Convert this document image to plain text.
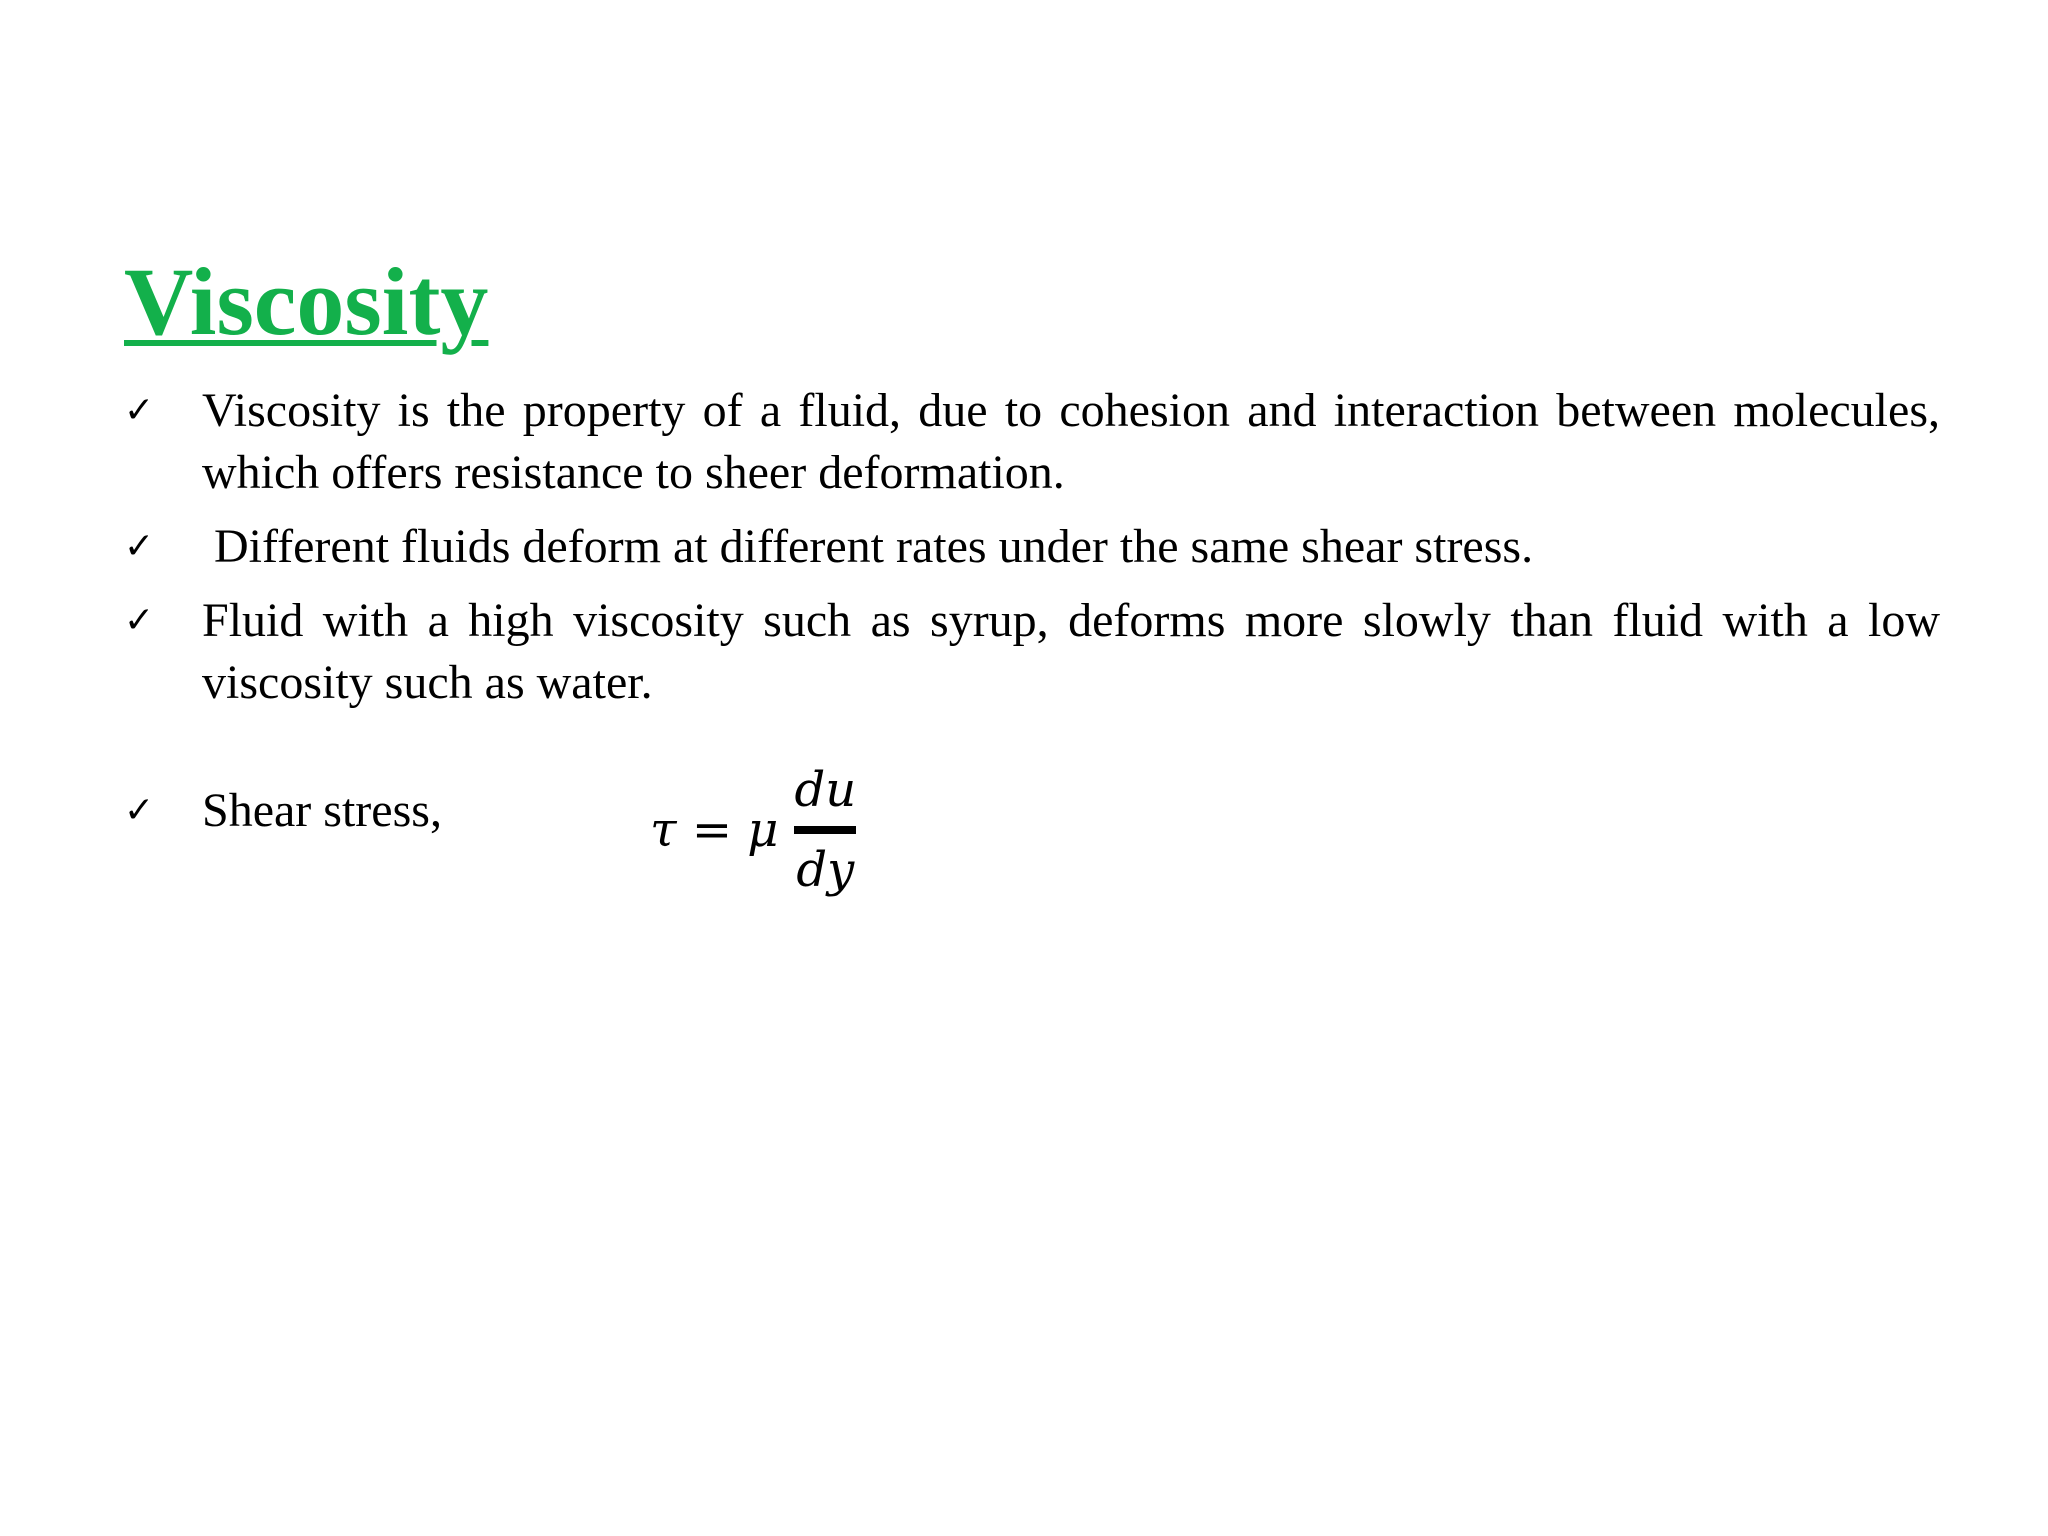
Viscosity
✓ Viscosity is the property of a fluid, due to cohesion and interaction between molecules, which offers resistance to sheer deformation.
✓ Different fluids deform at different rates under the same shear stress.
✓ Fluid with a high viscosity such as syrup, deforms more slowly than fluid with a low viscosity such as water.
✓ Shear stress,	τ = μ
du
dy
